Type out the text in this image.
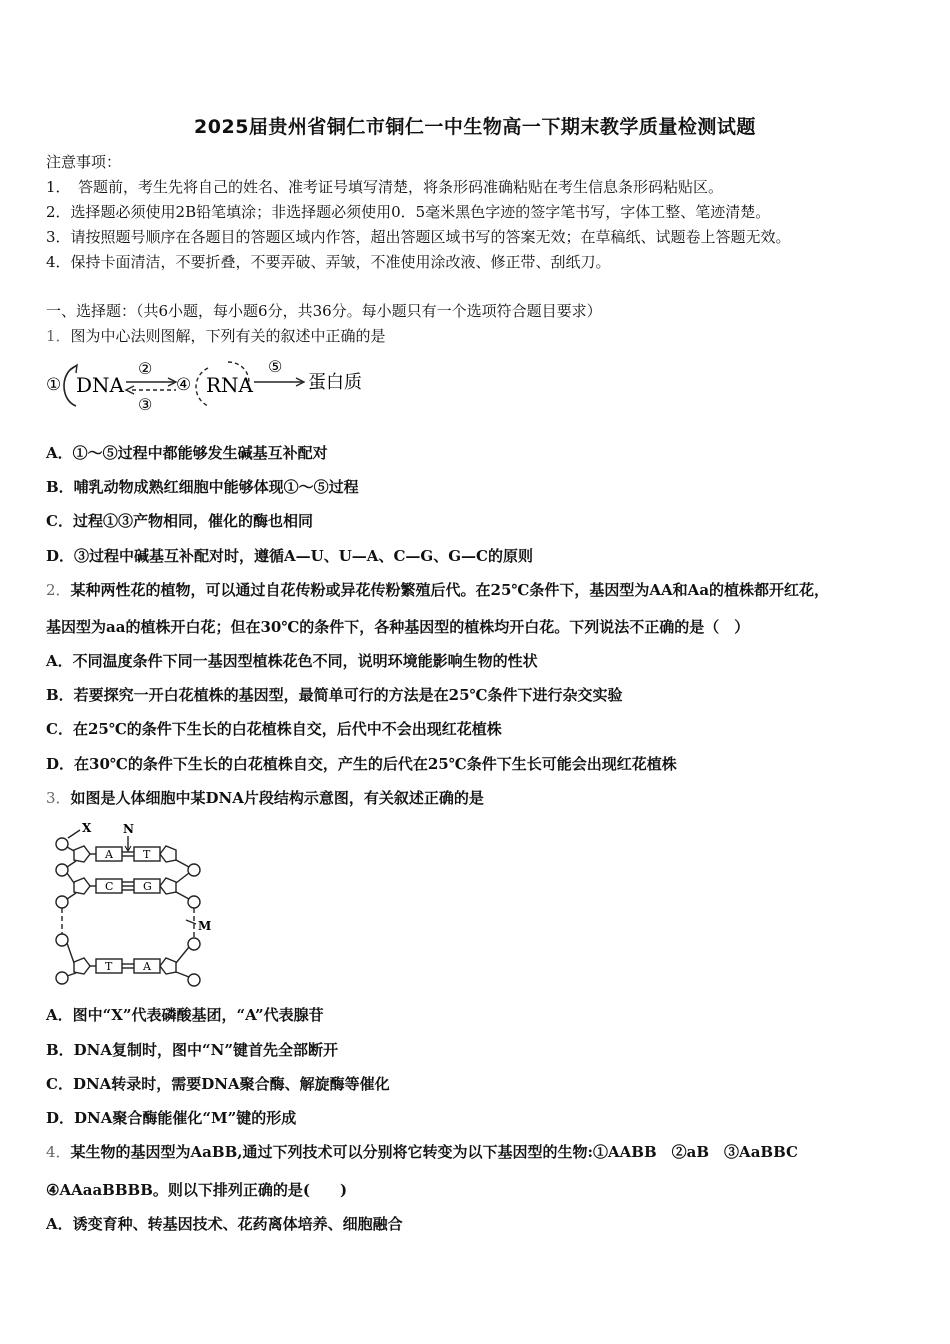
2025届贵州省铜仁市铜仁一中生物高一下期末教学质量检测试题
注意事项：
1．　答题前，考生先将自己的姓名、准考证号填写清楚，将条形码准确粘贴在考生信息条形码粘贴区。
2．选择题必须使用2B铅笔填涂；非选择题必须使用0．5毫米黑色字迹的签字笔书写，字体工整、笔迹清楚。
3．请按照题号顺序在各题目的答题区域内作答，超出答题区域书写的答案无效；在草稿纸、试题卷上答题无效。
4．保持卡面清洁，不要折叠，不要弄破、弄皱，不准使用涂改液、修正带、刮纸刀。
一、选择题：（共6小题，每小题6分，共36分。每小题只有一个选项符合题目要求）
1．图为中心法则图解，下列有关的叙述中正确的是
① DNA
②
③
④ RNA
⑤
蛋白质
A．①～⑤过程中都能够发生碱基互补配对
B．哺乳动物成熟红细胞中能够体现①～⑤过程
C．过程①③产物相同，催化的酶也相同
D．③过程中碱基互补配对时，遵循A—U、U—A、C—G、G—C的原则
2．某种两性花的植物，可以通过自花传粉或异花传粉繁殖后代。在25℃条件下，基因型为AA和Aa的植株都开红花，
基因型为aa的植株开白花；但在30℃的条件下，各种基因型的植株均开白花。下列说法不正确的是（　）
A．不同温度条件下同一基因型植株花色不同，说明环境能影响生物的性状
B．若要探究一开白花植株的基因型，最简单可行的方法是在25℃条件下进行杂交实验
C．在25℃的条件下生长的白花植株自交，后代中不会出现红花植株
D．在30℃的条件下生长的白花植株自交，产生的后代在25℃条件下生长可能会出现红花植株
3．如图是人体细胞中某DNA片段结构示意图，有关叙述正确的是
X	N
M
A	T
C	G
T	A
A．图中“X”代表磷酸基团，“A”代表腺苷
B．DNA复制时，图中“N”键首先全部断开
C．DNA转录时，需要DNA聚合酶、解旋酶等催化
D．DNA聚合酶能催化“M”键的形成
4．某生物的基因型为AaBB,通过下列技术可以分别将它转变为以下基因型的生物:①AABB　②aB　③AaBBC
④AAaaBBBB。则以下排列正确的是(　　)
A．诱变育种、转基因技术、花药离体培养、细胞融合
